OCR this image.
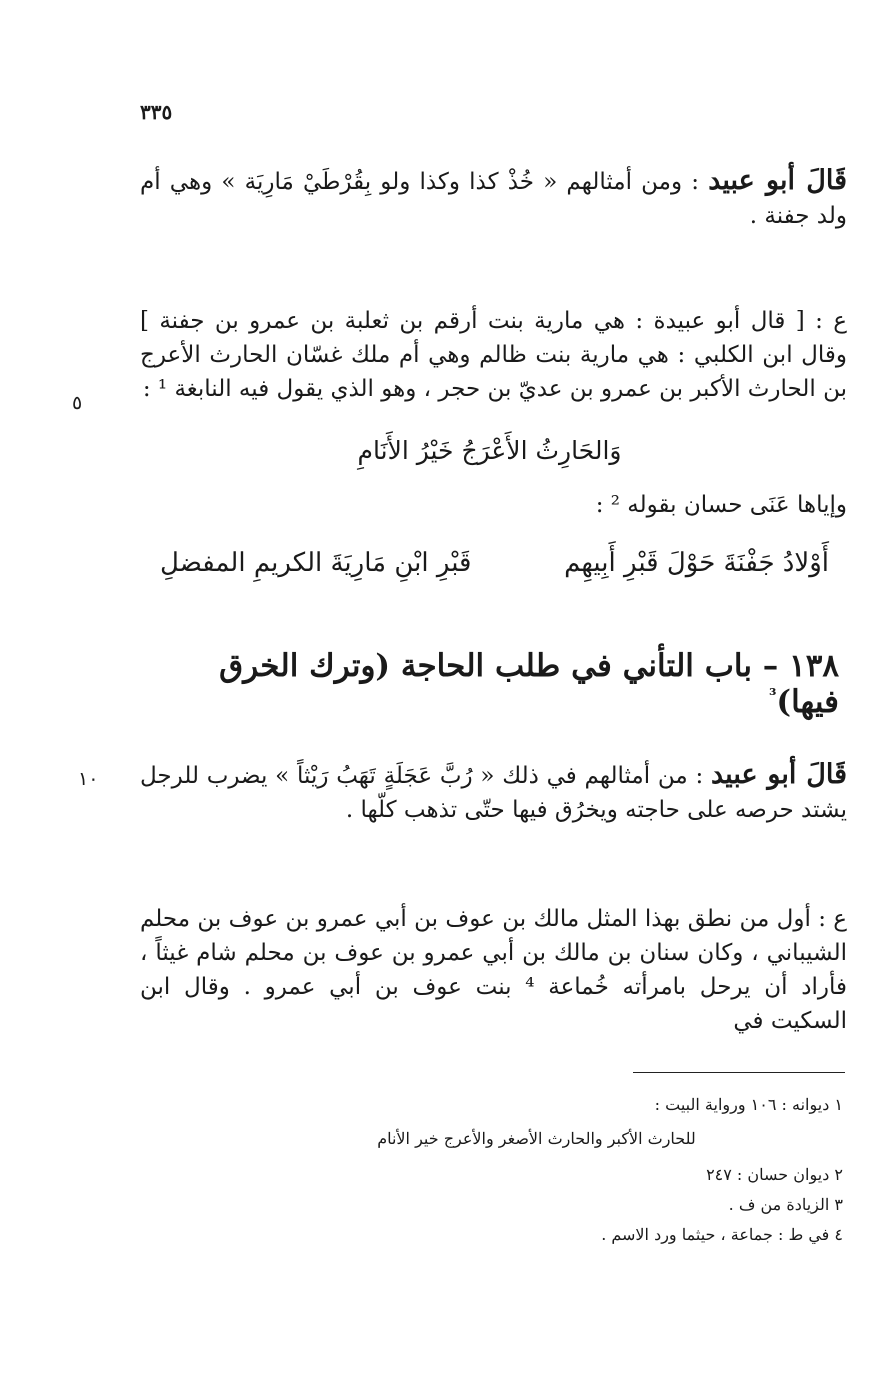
٣٣٥

قَالَ أبو عبيد : ومن أمثالهم « خُذْ كذا وكذا ولو بِقُرْطَيْ مَارِيَة » وهي أم ولد جفنة .

ع : [ قال أبو عبيدة : هي مارية بنت أرقم بن ثعلبة بن عمرو بن جفنة ] وقال ابن الكلبي : هي مارية بنت ظالم وهي أم ملك غسّان الحارث الأعرج بن الحارث الأكبر بن عمرو بن عديّ بن حجر ، وهو الذي يقول فيه النابغة ¹ :

٥
وَالحَارِثُ الأَعْرَجُ خَيْرُ الأَنَامِ

وإياها عَنَى حسان بقوله ² :

أَوْلادُ جَفْنَةَ حَوْلَ قَبْرِ أَبِيهِم
قَبْرِ ابْنِ مَارِيَةَ الكريمِ المفضلِ
١٣٨ – باب التأني في طلب الحاجة (وترك الخرق فيها)$^{^3}$

قَالَ أبو عبيد : من أمثالهم في ذلك « رُبَّ عَجَلَةٍ تَهَبُ رَيْثاً » يضرب للرجل يشتد حرصه على حاجته ويخرُق فيها حتّى تذهب كلّها .

١٠

ع : أول من نطق بهذا المثل مالك بن عوف بن أبي عمرو بن عوف بن محلم الشيباني ، وكان سنان بن مالك بن أبي عمرو بن عوف بن محلم شام غيثاً ، فأراد أن يرحل بامرأته خُماعة ⁴ بنت عوف بن أبي عمرو . وقال ابن السكيت في

١ ديوانه : ١٠٦ ورواية البيت :
للحارث الأكبر والحارث الأصغر والأعرج خير الأنام
٢ ديوان حسان : ٢٤٧
٣ الزيادة من ف .
٤ في ط : جماعة ، حيثما ورد الاسم .
